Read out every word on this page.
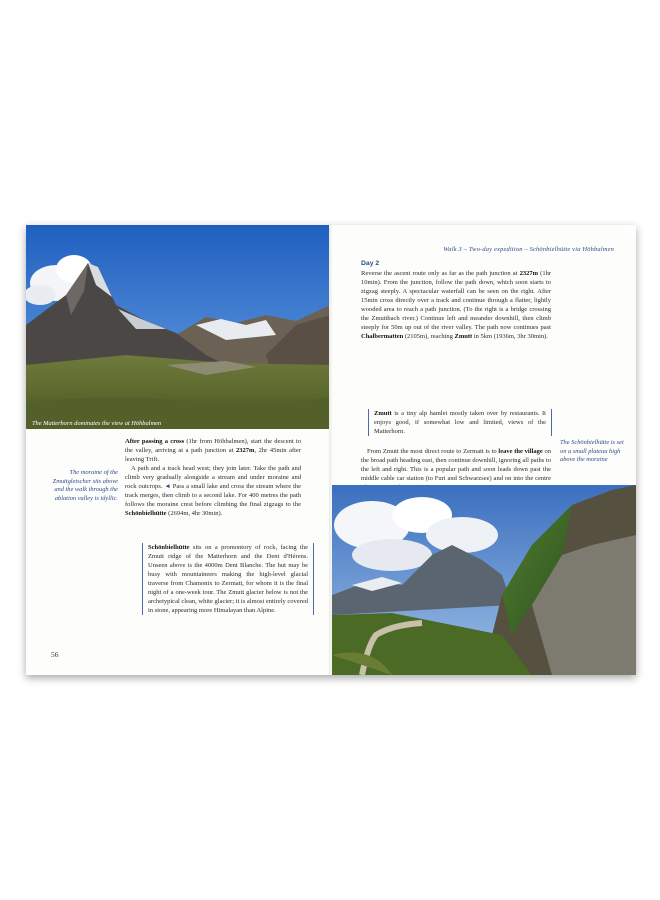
The Matterhorn dominates the view at Höhbalmen
The moraine of the Zmuttgletscher sits above and the walk through the ablation valley is idyllic.

After passing a cross (1hr from Höhbalmen), start the descent to the valley, arriving at a path junction at 2327m, 2hr 45min after leaving Trift.

A path and a track head west; they join later. Take the path and climb very gradually alongside a stream and under moraine and rock outcrops. ◄ Pass a small lake and cross the stream where the track merges, then climb to a second lake. For 400 metres the path follows the moraine crest before climbing the final zigzags to the Schönbielhütte (2694m, 4hr 30min).

Schönbielhütte sits on a promontory of rock, facing the Zmutt ridge of the Matterhorn and the Dent d'Hérens. Unseen above is the 4000m Dent Blanche. The hut may be busy with mountaineers making the high-level glacial traverse from Chamonix to Zermatt, for whom it is the final night of a one-week tour. The Zmutt glacier below is not the archetypical clean, white glacier; it is almost entirely covered in stone, appearing more Himalayan than Alpine.

56
Walk 3 – Two-day expedition – Schönbielhütte via Höhbalmen
Day 2

Reverse the ascent route only as far as the path junction at 2327m (1hr 10min). From the junction, follow the path down, which soon starts to zigzag steeply. A spectacular waterfall can be seen on the right. After 15min cross directly over a track and continue through a flatter, lightly wooded area to reach a path junction. (To the right is a bridge crossing the Zmuttbach river.) Continue left and meander downhill, then climb steeply for 50m up out of the river valley. The path now continues past Chalbermatten (2105m), reaching Zmutt in 5km (1936m, 3hr 30min).

Zmutt is a tiny alp hamlet mostly taken over by restaurants. It enjoys good, if somewhat low and limited, views of the Matterhorn.

From Zmutt the most direct route to Zermatt is to leave the village on the broad path heading east, then continue downhill, ignoring all paths to the left and right. This is a popular path and soon leads down past the middle cable car station (to Furi and Schwarzsee) and on into the centre

The Schönbielhütte is set on a small plateau high above the moraine
